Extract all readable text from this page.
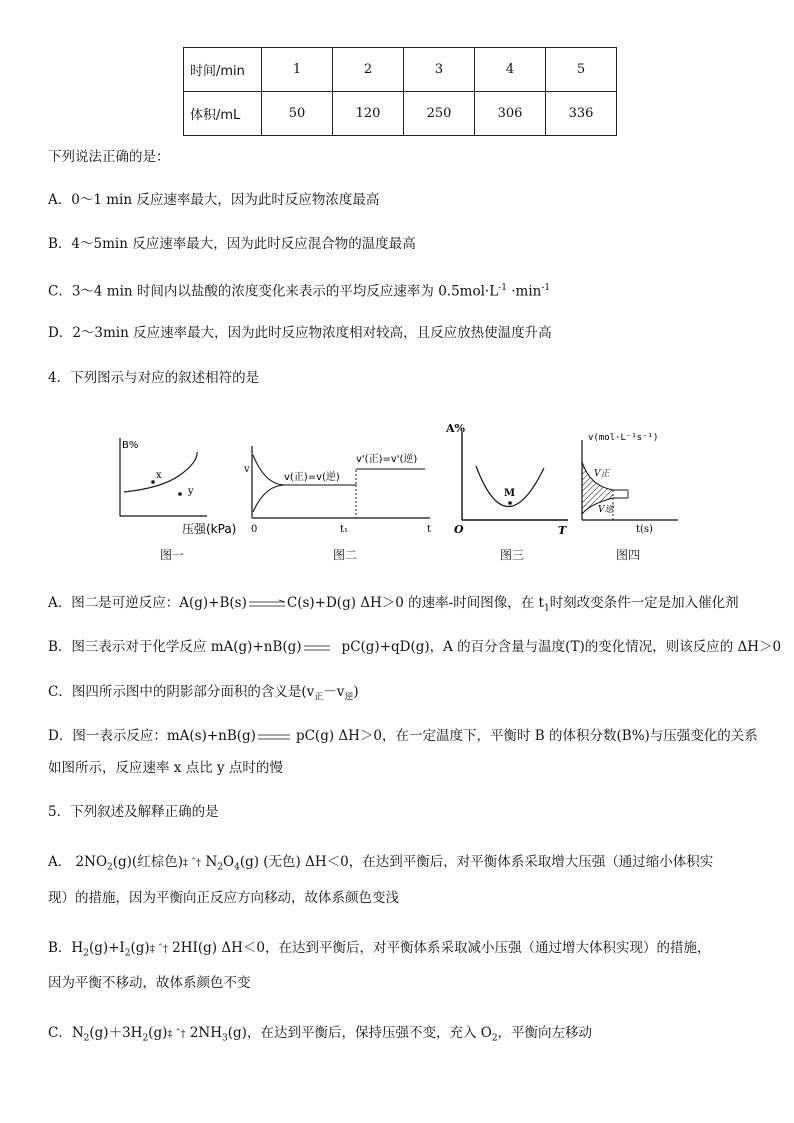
时间/min	1	2	3	4	5
体积/mL	50	120	250	306	336
下列说法正确的是：
A．0～1 min 反应速率最大，因为此时反应物浓度最高
B．4～5min 反应速率最大，因为此时反应混合物的温度最高
C．3～4 min 时间内以盐酸的浓度变化来表示的平均反应速率为 $0.5mol\cdot L^{-1} \cdot\min^{-1}$
D．2～3min 反应速率最大，因为此时反应物浓度相对较高，且反应放热使温度升高
4．下列图示与对应的叙述相符的是
B%
x
y
压强(kPa)
图一
v
0	t₁	t
v(正)=v(逆)
v'(正)=v'(逆)
图二
A%
M
O	T
图三
v(mol·L⁻¹s⁻¹)
V正
V逆
t(s)
图四
A．图二是可逆反应：A(g)+B(s)	C(s)+D(g) ΔH＞0 的速率-时间图像，在 $t_1$时刻改变条件一定是加入催化剂
B．图三表示对于化学反应 mA(g)+nB(g)	pC(g)+qD(g)，A 的百分含量与温度(T)的变化情况，则该反应的 ΔH＞0
C．图四所示图中的阴影部分面积的含义是$(v_正-v_逆)$
D．图一表示反应：mA(s)+nB(g)	pC(g) ΔH＞0，在一定温度下，平衡时 B 的体积分数(B%)与压强变化的关系
如图所示，反应速率 x 点比 y 点时的慢
5．下列叙述及解释正确的是
A． $2NO_2(g)$(红棕色)‡ ˆ† $N_2O_4(g)$ (无色) ΔH＜0，在达到平衡后，对平衡体系采取增大压强（通过缩小体积实
现）的措施，因为平衡向正反应方向移动，故体系颜色变浅
B．$H_2(g)+I_2(g)\ddagger$ ˆ† 2HI(g) ΔH＜0，在达到平衡后，对平衡体系采取减小压强（通过增大体积实现）的措施，
因为平衡不移动，故体系颜色不变
C．$N_2(g)+3H_2(g)\ddagger$ ˆ† $2NH_3(g)$，在达到平衡后，保持压强不变，充入 $O_2$，平衡向左移动
